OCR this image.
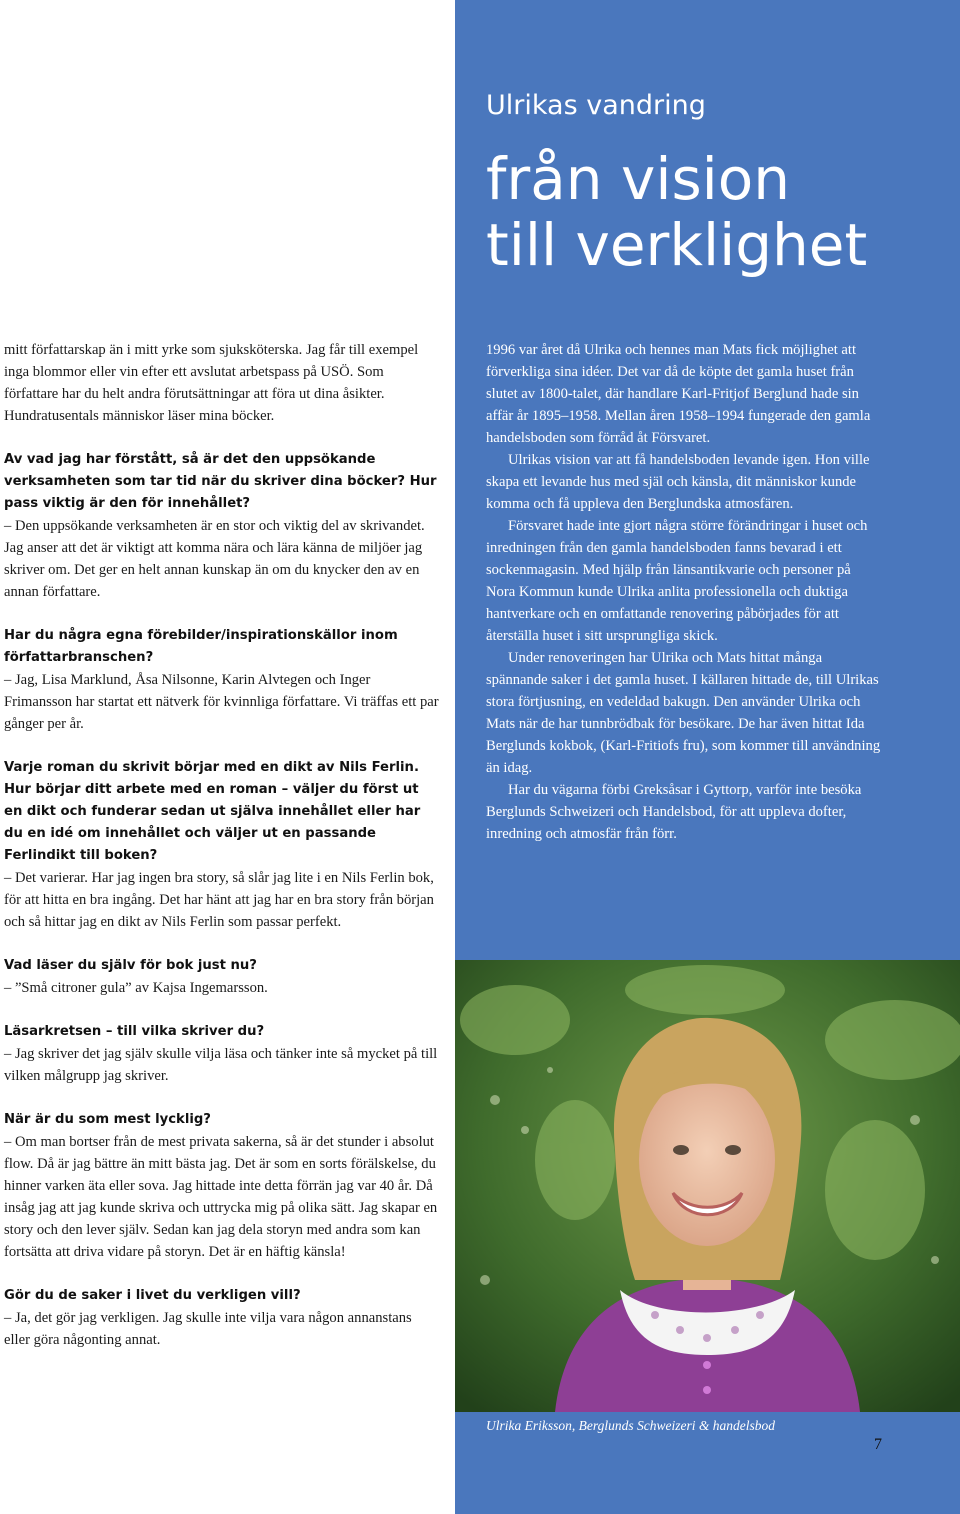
Ulrikas vandring
från vision
till verklighet

mitt författarskap än i mitt yrke som sjuksköterska. Jag får till exempel inga blommor eller vin efter ett avslutat arbetspass på USÖ. Som författare har du helt andra förutsättningar att föra ut dina åsikter. Hundratusentals människor läser mina böcker.

Av vad jag har förstått, så är det den uppsökande verksamheten som tar tid när du skriver dina böcker? Hur pass viktig är den för innehållet?

– Den uppsökande verksamheten är en stor och viktig del av skrivandet. Jag anser att det är viktigt att komma nära och lära känna de miljöer jag skriver om. Det ger en helt annan kunskap än om du knycker den av en annan författare.

Har du några egna förebilder/inspirationskällor inom författarbranschen?

– Jag, Lisa Marklund, Åsa Nilsonne, Karin Alvtegen och Inger Frimansson har startat ett nätverk för kvinnliga författare. Vi träffas ett par gånger per år.

Varje roman du skrivit börjar med en dikt av Nils Ferlin. Hur börjar ditt arbete med en roman – väljer du först ut en dikt och funderar sedan ut själva innehållet eller har du en idé om innehållet och väljer ut en passande Ferlindikt till boken?

– Det varierar. Har jag ingen bra story, så slår jag lite i en Nils Ferlin bok, för att hitta en bra ingång. Det har hänt att jag har en bra story från början och så hittar jag en dikt av Nils Ferlin som passar perfekt.

Vad läser du själv för bok just nu?

– ”Små citroner gula” av Kajsa Ingemarsson.

Läsarkretsen – till vilka skriver du?

– Jag skriver det jag själv skulle vilja läsa och tänker inte så mycket på till vilken målgrupp jag skriver.

När är du som mest lycklig?

– Om man bortser från de mest privata sakerna, så är det stunder i absolut flow. Då är jag bättre än mitt bästa jag. Det är som en sorts förälskelse, du hinner varken äta eller sova. Jag hittade inte detta förrän jag var 40 år. Då insåg jag att jag kunde skriva och uttrycka mig på olika sätt. Jag skapar en story och den lever själv. Sedan kan jag dela storyn med andra som kan fortsätta att driva vidare på storyn. Det är en häftig känsla!

Gör du de saker i livet du verkligen vill?

– Ja, det gör jag verkligen. Jag skulle inte vilja vara någon annanstans eller göra någonting annat.

1996 var året då Ulrika och hennes man Mats fick möjlighet att förverkliga sina idéer. Det var då de köpte det gamla huset från slutet av 1800-talet, där handlare Karl-Fritjof Berglund hade sin affär år 1895–1958. Mellan åren 1958–1994 fungerade den gamla handelsboden som förråd åt Försvaret.

Ulrikas vision var att få handelsboden levande igen. Hon ville skapa ett levande hus med själ och känsla, dit människor kunde komma och få uppleva den Berglundska atmosfären.

Försvaret hade inte gjort några större förändringar i huset och inredningen från den gamla handelsboden fanns bevarad i ett sockenmagasin. Med hjälp från länsantikvarie och personer på Nora Kommun kunde Ulrika anlita professionella och duktiga hantverkare och en omfattande renovering påbörjades för att återställa huset i sitt ursprungliga skick.

Under renoveringen har Ulrika och Mats hittat många spännande saker i det gamla huset. I källaren hittade de, till Ulrikas stora förtjusning, en vedeldad bakugn. Den använder Ulrika och Mats när de har tunnbrödbak för besökare. De har även hittat Ida Berglunds kokbok, (Karl-Fritiofs fru), som kommer till användning än idag.

Har du vägarna förbi Greksåsar i Gyttorp, varför inte besöka Berglunds Schweizeri och Handelsbod, för att uppleva dofter, inredning och atmosfär från förr.

Ulrika Eriksson, Berglunds Schweizeri & handelsbod
7
